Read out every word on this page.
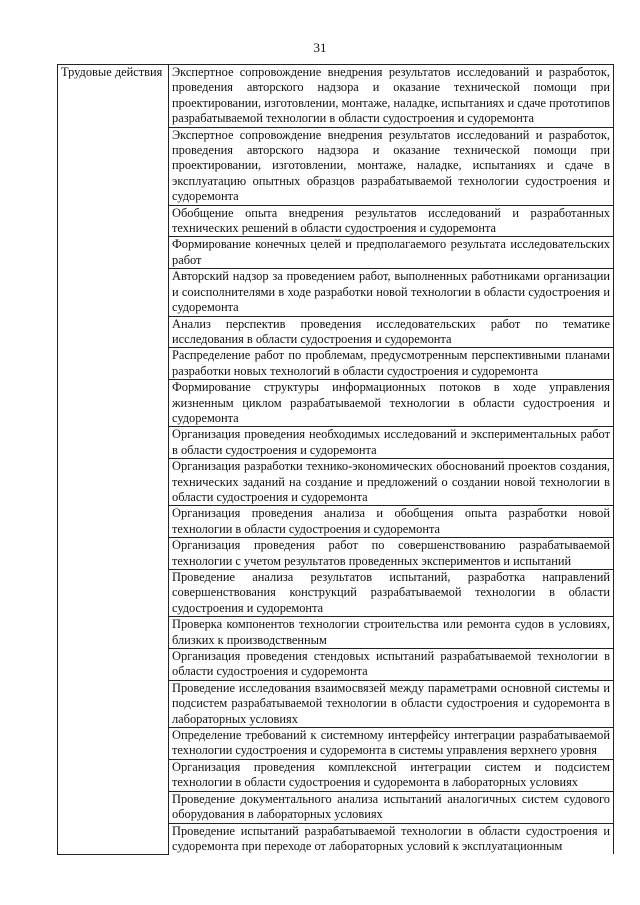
31
Трудовые действия	Экспертное сопровождение внедрения результатов исследований и разработок, проведения авторского надзора и оказание технической помощи при проектировании, изготовлении, монтаже, наладке, испытаниях и сдаче прототипов разрабатываемой технологии в области судостроения и судоремонта
Экспертное сопровождение внедрения результатов исследований и разработок, проведения авторского надзора и оказание технической помощи при проектировании, изготовлении, монтаже, наладке, испытаниях и сдаче в эксплуатацию опытных образцов разрабатываемой технологии судостроения и судоремонта
Обобщение опыта внедрения результатов исследований и разработанных технических решений в области судостроения и судоремонта
Формирование конечных целей и предполагаемого результата исследовательских работ
Авторский надзор за проведением работ, выполненных работниками организации и соисполнителями в ходе разработки новой технологии в области судостроения и судоремонта
Анализ перспектив проведения исследовательских работ по тематике исследования в области судостроения и судоремонта
Распределение работ по проблемам, предусмотренным перспективными планами разработки новых технологий в области судостроения и судоремонта
Формирование структуры информационных потоков в ходе управления жизненным циклом разрабатываемой технологии в области судостроения и судоремонта
Организация проведения необходимых исследований и экспериментальных работ в области судостроения и судоремонта
Организация разработки технико-экономических обоснований проектов создания, технических заданий на создание и предложений о создании новой технологии в области судостроения и судоремонта
Организация проведения анализа и обобщения опыта разработки новой технологии в области судостроения и судоремонта
Организация проведения работ по совершенствованию разрабатываемой технологии с учетом результатов проведенных экспериментов и испытаний
Проведение анализа результатов испытаний, разработка направлений совершенствования конструкций разрабатываемой технологии в области судостроения и судоремонта
Проверка компонентов технологии строительства или ремонта судов в условиях, близких к производственным
Организация проведения стендовых испытаний разрабатываемой технологии в области судостроения и судоремонта
Проведение исследования взаимосвязей между параметрами основной системы и подсистем разрабатываемой технологии в области судостроения и судоремонта в лабораторных условиях
Определение требований к системному интерфейсу интеграции разрабатываемой технологии судостроения и судоремонта в системы управления верхнего уровня
Организация проведения комплексной интеграции систем и подсистем технологии в области судостроения и судоремонта в лабораторных условиях
Проведение документального анализа испытаний аналогичных систем судового оборудования в лабораторных условиях
Проведение испытаний разрабатываемой технологии в области судостроения и судоремонта при переходе от лабораторных условий к эксплуатационным
